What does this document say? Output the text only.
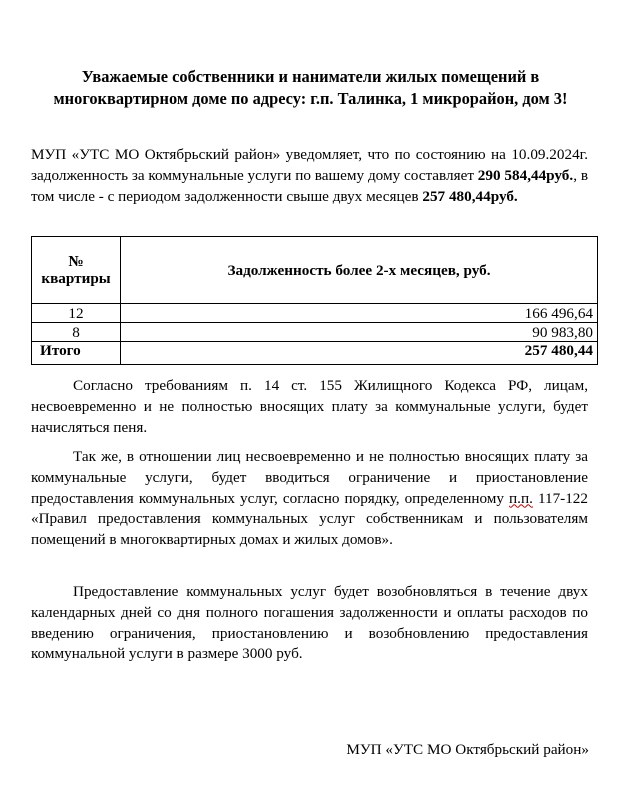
Уважаемые собственники и наниматели жилых помещений в многоквартирном доме по адресу: г.п. Талинка, 1 микрорайон, дом 3!
МУП «УТС МО Октябрьский район» уведомляет, что по состоянию на 10.09.2024г. задолженность за коммунальные услуги по вашему дому составляет 290 584,44руб., в том числе - с периодом задолженности свыше двух месяцев 257 480,44руб.
№ квартиры	Задолженность более 2-х месяцев, руб.
12	166 496,64
8	90 983,80
Итого	257 480,44
Согласно требованиям п. 14 ст. 155 Жилищного Кодекса РФ, лицам, несвоевременно и не полностью вносящих плату за коммунальные услуги, будет начисляться пеня.
Так же, в отношении лиц несвоевременно и не полностью вносящих плату за коммунальные услуги, будет вводиться ограничение и приостановление предоставления коммунальных услуг, согласно порядку, определенному п.п. 117-122 «Правил предоставления коммунальных услуг собственникам и пользователям помещений в многоквартирных домах и жилых домов».
Предоставление коммунальных услуг будет возобновляться в течение двух календарных дней со дня полного погашения задолженности и оплаты расходов по введению ограничения, приостановлению и возобновлению предоставления коммунальной услуги в размере 3000 руб.
МУП «УТС МО Октябрьский район»
